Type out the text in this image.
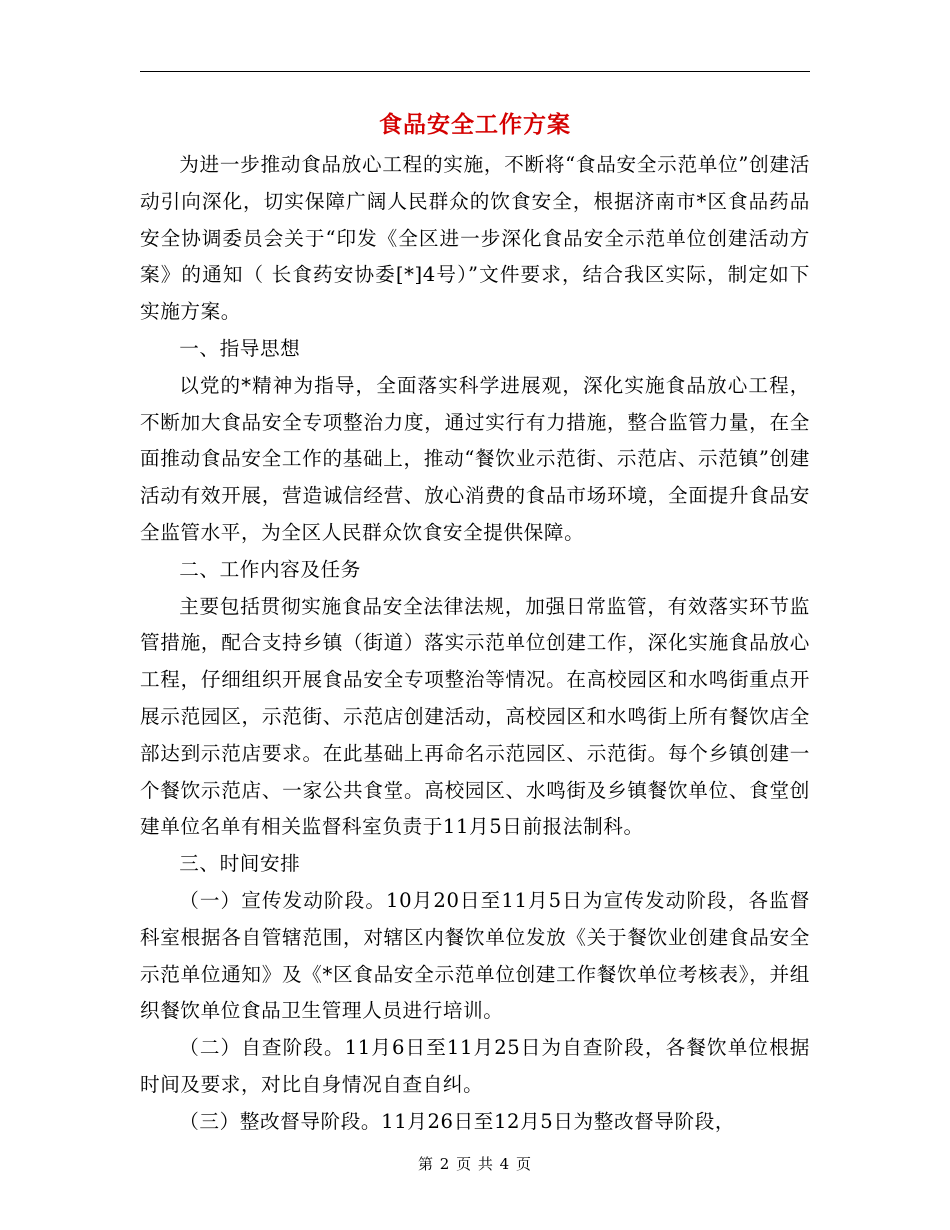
食品安全工作方案

为进一步推动食品放心工程的实施，不断将“食品安全示范单位”创建活动引向深化，切实保障广阔人民群众的饮食安全，根据济南市*区食品药品安全协调委员会关于“印发《全区进一步深化食品安全示范单位创建活动方案》的通知（ 长食药安协委[*]4号）”文件要求，结合我区实际，制定如下实施方案。

一、指导思想

以党的*精神为指导，全面落实科学进展观，深化实施食品放心工程，不断加大食品安全专项整治力度，通过实行有力措施，整合监管力量，在全面推动食品安全工作的基础上，推动“餐饮业示范街、示范店、示范镇”创建活动有效开展，营造诚信经营、放心消费的食品市场环境，全面提升食品安全监管水平，为全区人民群众饮食安全提供保障。

二、工作内容及任务

主要包括贯彻实施食品安全法律法规，加强日常监管，有效落实环节监管措施，配合支持乡镇（街道）落实示范单位创建工作，深化实施食品放心工程，仔细组织开展食品安全专项整治等情况。在高校园区和水鸣街重点开展示范园区，示范街、示范店创建活动，高校园区和水鸣街上所有餐饮店全部达到示范店要求。在此基础上再命名示范园区、示范街。每个乡镇创建一个餐饮示范店、一家公共食堂。高校园区、水鸣街及乡镇餐饮单位、食堂创建单位名单有相关监督科室负责于11月5日前报法制科。

三、时间安排

（一）宣传发动阶段。10月20日至11月5日为宣传发动阶段，各监督科室根据各自管辖范围，对辖区内餐饮单位发放《关于餐饮业创建食品安全示范单位通知》及《*区食品安全示范单位创建工作餐饮单位考核表》，并组织餐饮单位食品卫生管理人员进行培训。

（二）自查阶段。11月6日至11月25日为自查阶段，各餐饮单位根据时间及要求，对比自身情况自查自纠。

（三）整改督导阶段。11月26日至12月5日为整改督导阶段，

第 2 页 共 4 页
